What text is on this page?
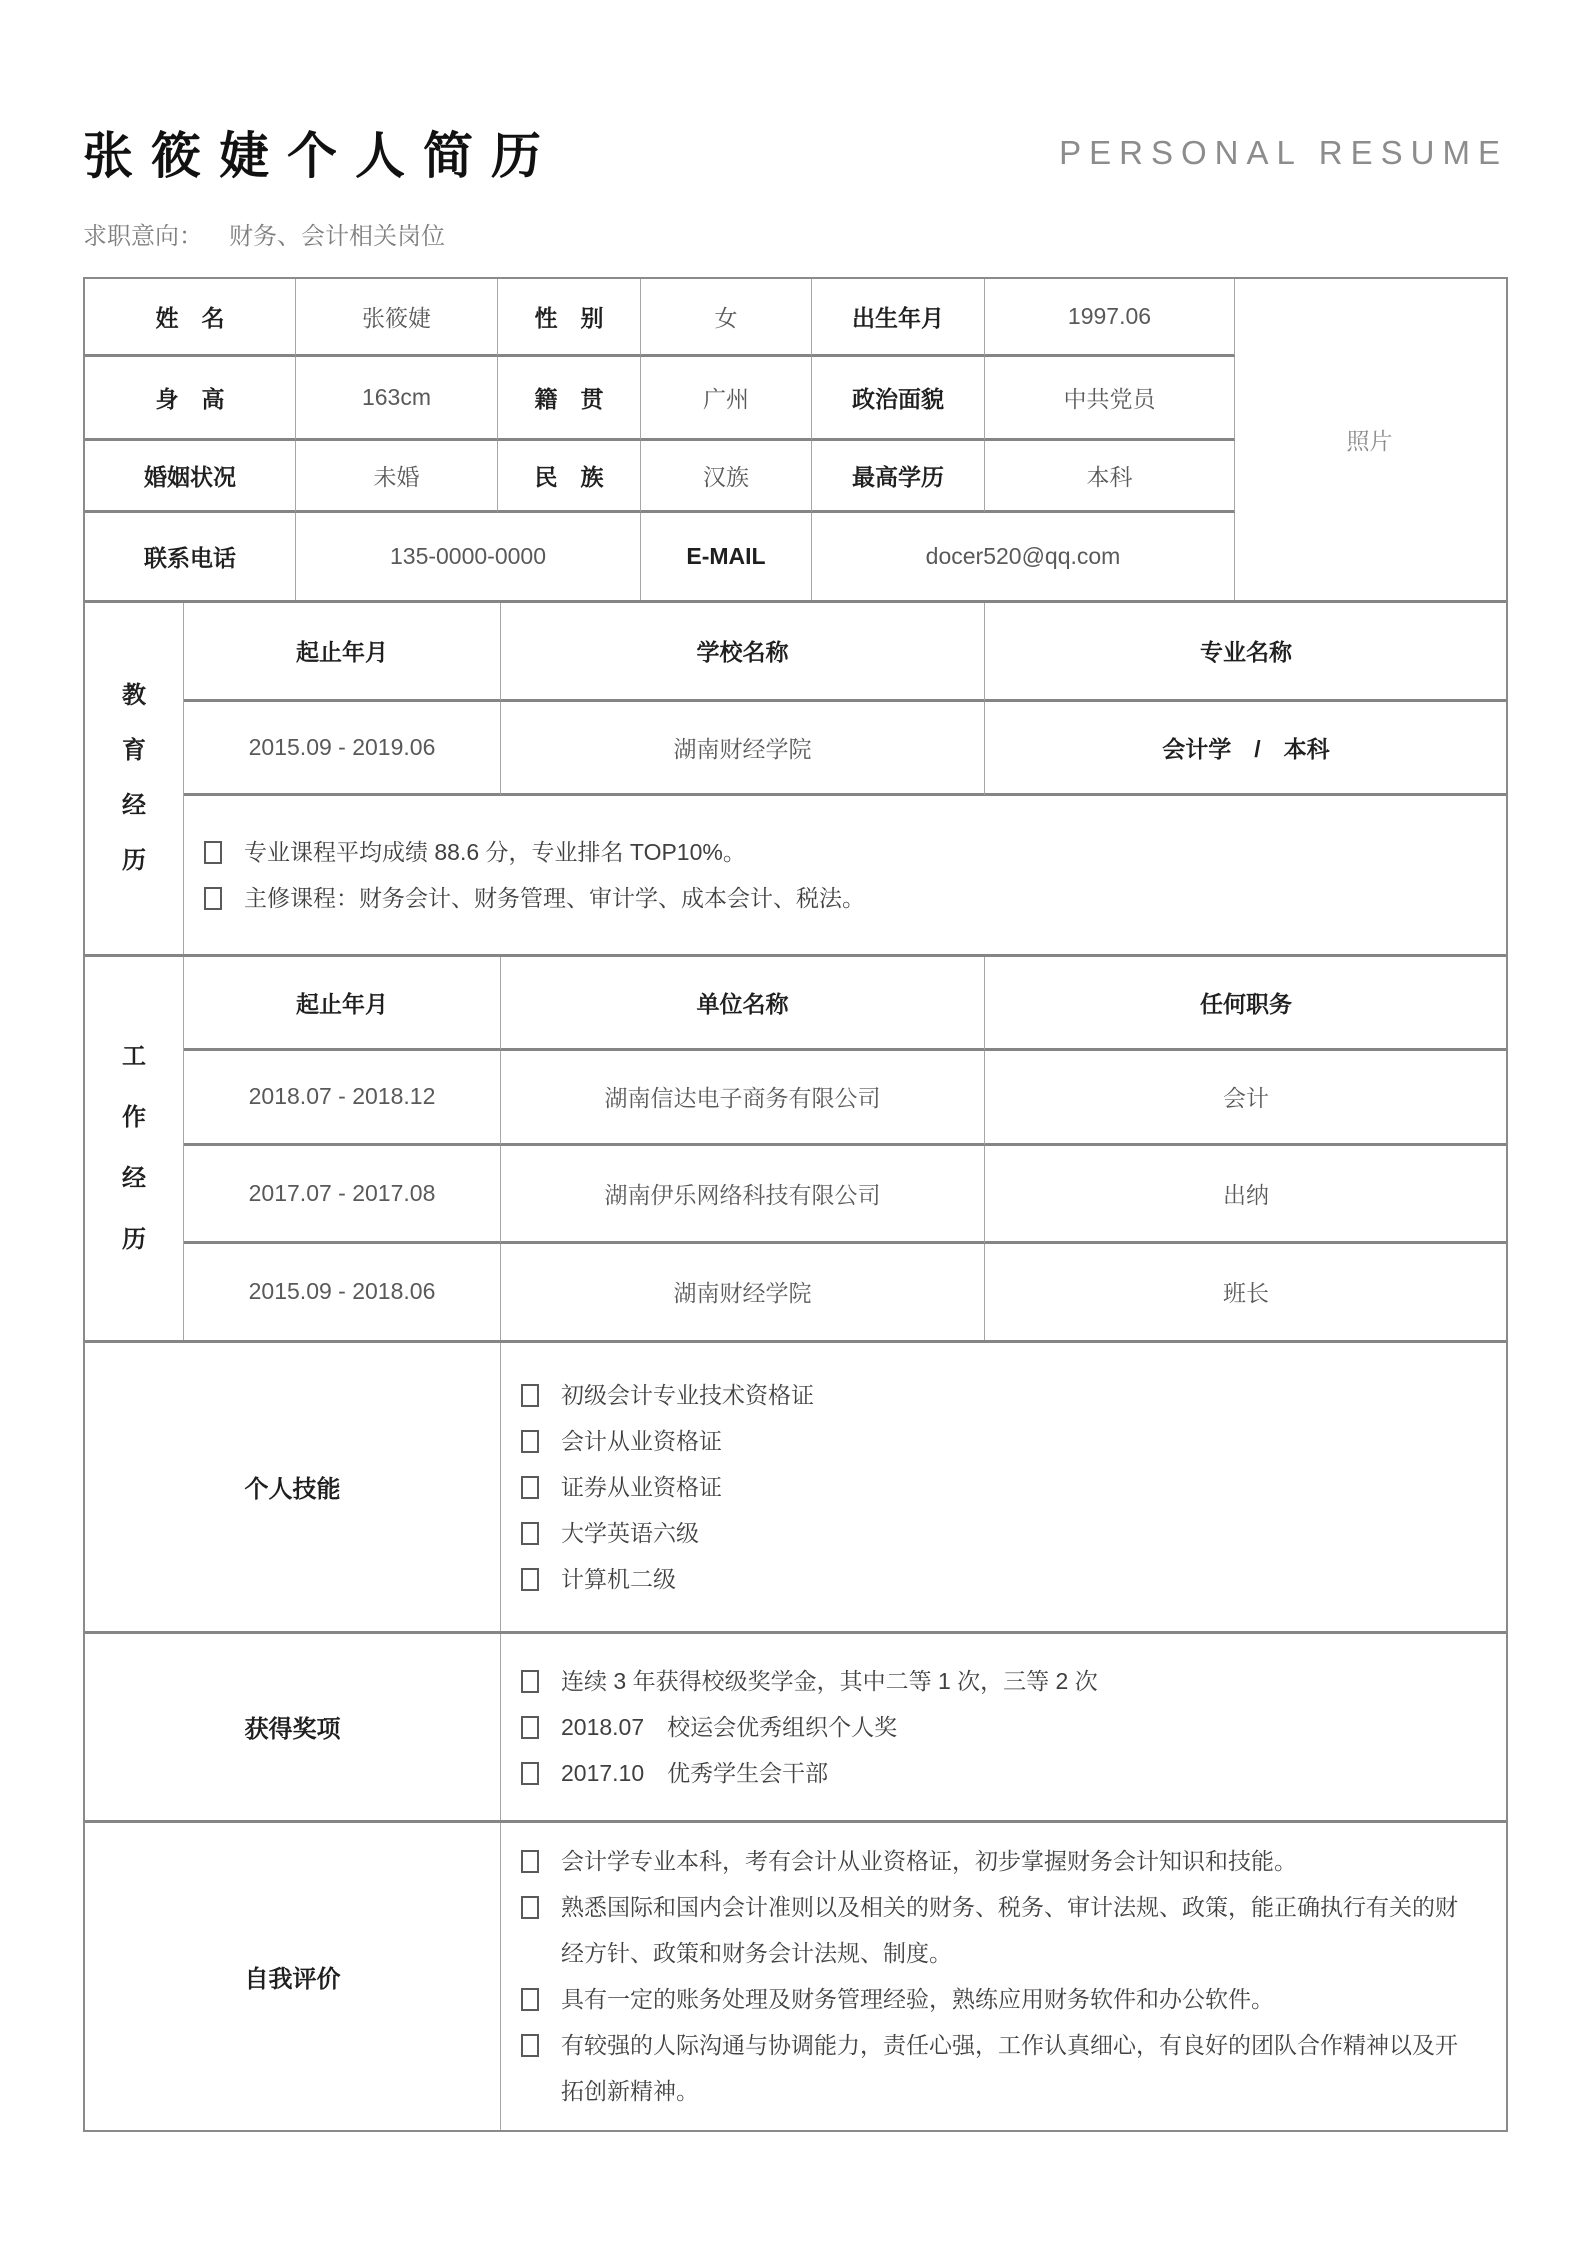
张筱婕个人简历	PERSONAL RESUME
求职意向： 财务、会计相关岗位
姓　名	张筱婕	性　别	女	出生年月	1997.06
照片
身　高	163cm	籍　贯	广州	政治面貌	中共党员
婚姻状况	未婚	民　族	汉族	最高学历	本科
联系电话	135-0000-0000	E-MAIL	docer520@qq.com
教
育
经
历
起止年月	学校名称	专业名称
2015.09 - 2019.06	湖南财经学院	会计学　/　本科
专业课程平均成绩 88.6 分，专业排名 TOP10%。
主修课程：财务会计、财务管理、审计学、成本会计、税法。
工
作
经
历
起止年月	单位名称	任何职务
2018.07 - 2018.12	湖南信达电子商务有限公司	会计
2017.07 - 2017.08	湖南伊乐网络科技有限公司	出纳
2015.09 - 2018.06	湖南财经学院	班长
个人技能
初级会计专业技术资格证
会计从业资格证
证券从业资格证
大学英语六级
计算机二级
获得奖项
连续 3 年获得校级奖学金，其中二等 1 次，三等 2 次
2018.07　校运会优秀组织个人奖
2017.10　优秀学生会干部
自我评价
会计学专业本科，考有会计从业资格证，初步掌握财务会计知识和技能。
熟悉国际和国内会计准则以及相关的财务、税务、审计法规、政策，能正确执行有关的财经方针、政策和财务会计法规、制度。
具有一定的账务处理及财务管理经验，熟练应用财务软件和办公软件。
有较强的人际沟通与协调能力，责任心强，工作认真细心，有良好的团队合作精神以及开拓创新精神。
